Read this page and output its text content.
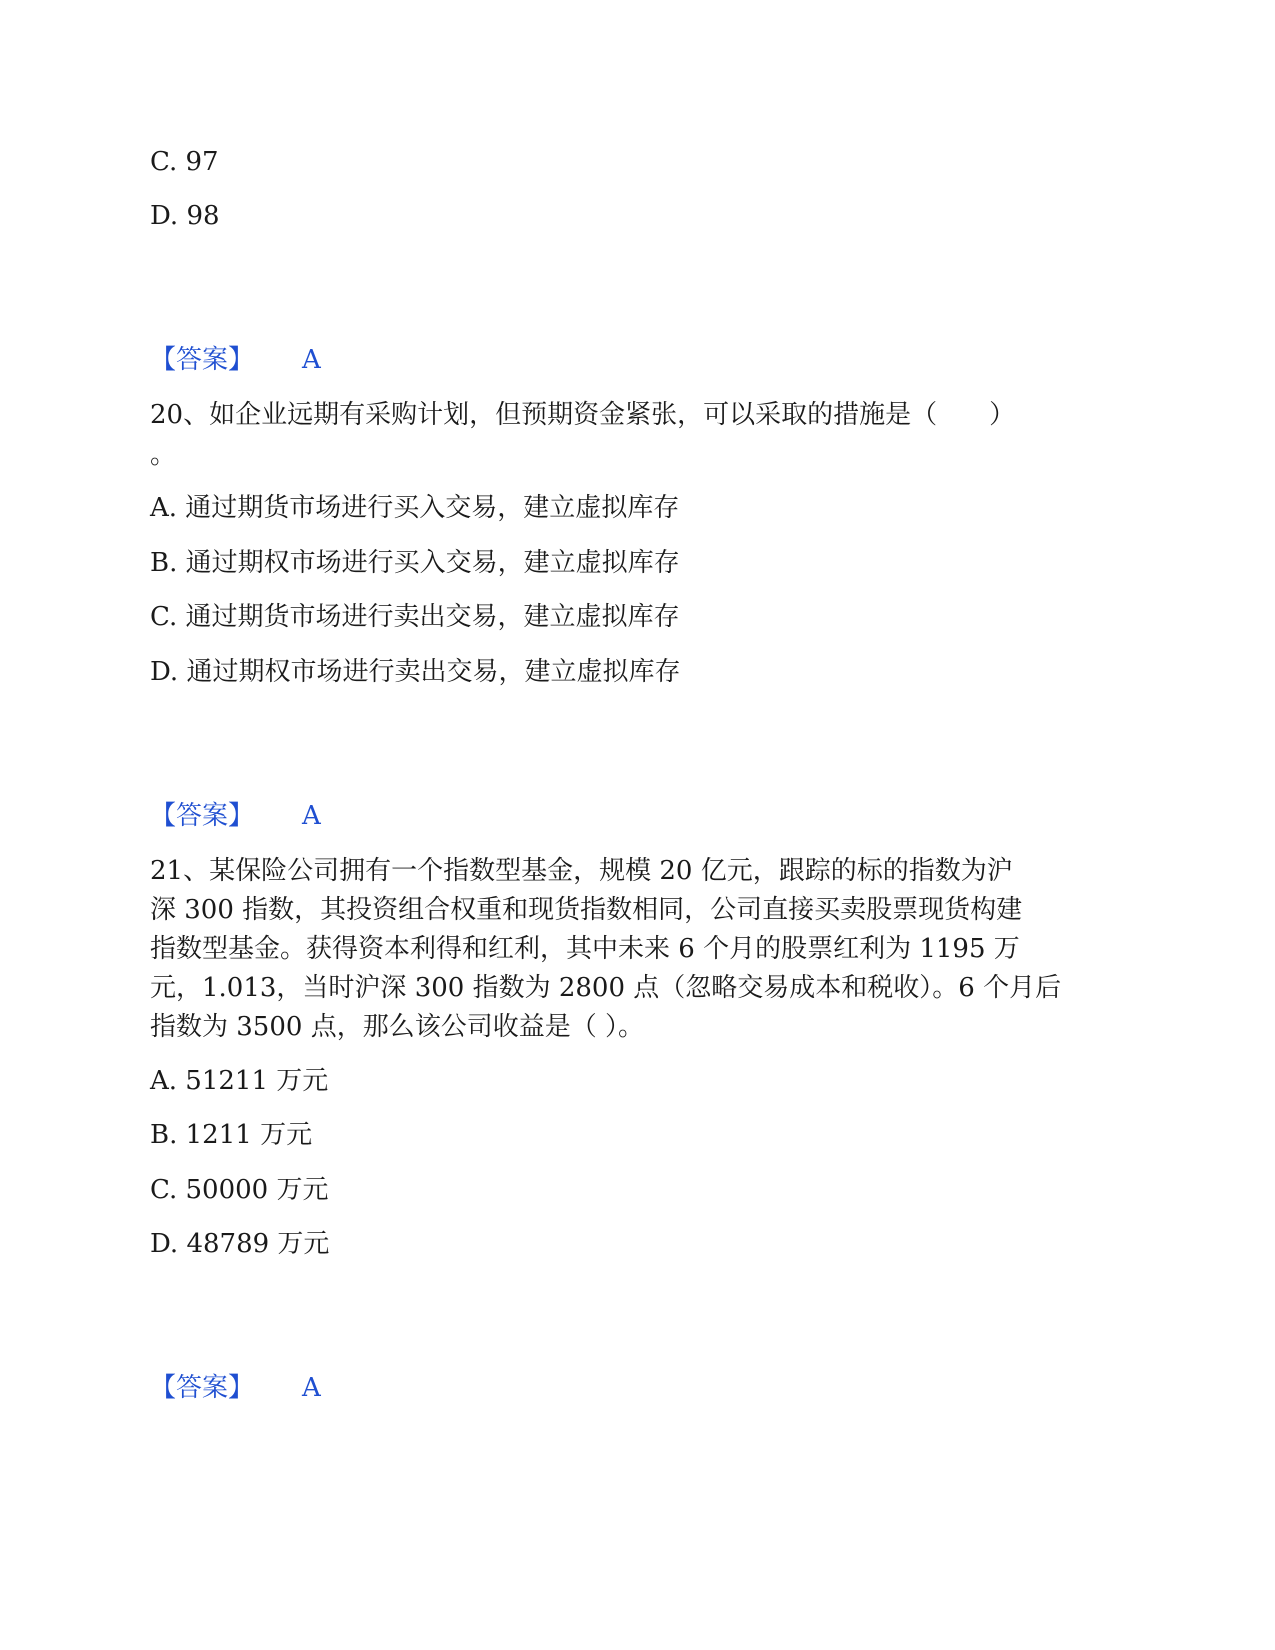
C. 97
D. 98
【答案】 A
20、如企业远期有采购计划，但预期资金紧张，可以采取的措施是（　　）
。
A. 通过期货市场进行买入交易，建立虚拟库存
B. 通过期权市场进行买入交易，建立虚拟库存
C. 通过期货市场进行卖出交易，建立虚拟库存
D. 通过期权市场进行卖出交易，建立虚拟库存
【答案】 A
21、某保险公司拥有一个指数型基金，规模 20 亿元，跟踪的标的指数为沪
深 300 指数，其投资组合权重和现货指数相同，公司直接买卖股票现货构建
指数型基金。获得资本利得和红利，其中未来 6 个月的股票红利为 1195 万
元，1.013，当时沪深 300 指数为 2800 点（忽略交易成本和税收）。6 个月后
指数为 3500 点，那么该公司收益是（ ）。
A. 51211 万元
B. 1211 万元
C. 50000 万元
D. 48789 万元
【答案】 A
